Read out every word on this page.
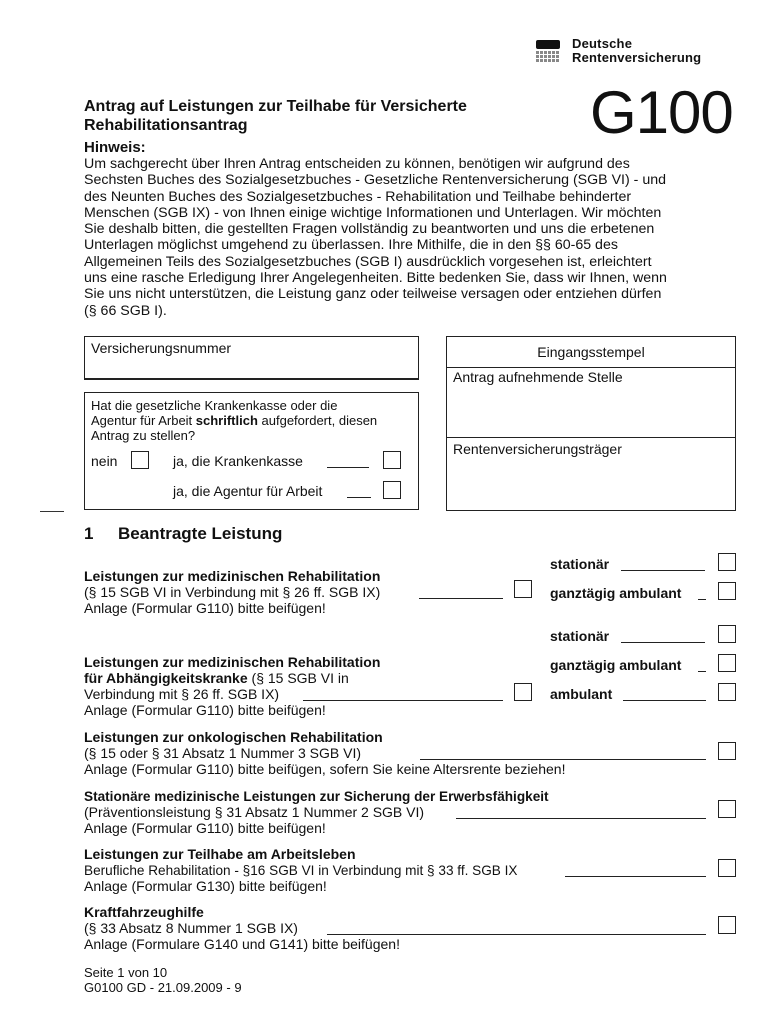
Deutsche
Rentenversicherung
Antrag auf Leistungen zur Teilhabe für Versicherte
Rehabilitationsantrag	G100
Hinweis:
Um sachgerecht über Ihren Antrag entscheiden zu können, benötigen wir aufgrund des
Sechsten Buches des Sozialgesetzbuches - Gesetzliche Rentenversicherung (SGB VI) - und
des Neunten Buches des Sozialgesetzbuches - Rehabilitation und Teilhabe behinderter
Menschen (SGB IX) - von Ihnen einige wichtige Informationen und Unterlagen. Wir möchten
Sie deshalb bitten, die gestellten Fragen vollständig zu beantworten und uns die erbetenen
Unterlagen möglichst umgehend zu überlassen. Ihre Mithilfe, die in den §§ 60-65 des
Allgemeinen Teils des Sozialgesetzbuches (SGB I) ausdrücklich vorgesehen ist, erleichtert
uns eine rasche Erledigung Ihrer Angelegenheiten. Bitte bedenken Sie, dass wir Ihnen, wenn
Sie uns nicht unterstützen, die Leistung ganz oder teilweise versagen oder entziehen dürfen
(§ 66 SGB I).
Versicherungsnummer
Hat die gesetzliche Krankenkasse oder die
Agentur für Arbeit schriftlich aufgefordert, diesen
Antrag zu stellen?
nein	ja, die Krankenkasse
ja, die Agentur für Arbeit
Eingangsstempel
Antrag aufnehmende Stelle
Rentenversicherungsträger
1 Beantragte Leistung
stationär
Leistungen zur medizinischen Rehabilitation
(§ 15 SGB VI in Verbindung mit § 26 ff. SGB IX)
Anlage (Formular G110) bitte beifügen!
ganztägig ambulant
stationär
Leistungen zur medizinischen Rehabilitation
für Abhängigkeitskranke (§ 15 SGB VI in
Verbindung mit § 26 ff. SGB IX)
Anlage (Formular G110) bitte beifügen!
ganztägig ambulant
ambulant
Leistungen zur onkologischen Rehabilitation
(§ 15 oder § 31 Absatz 1 Nummer 3 SGB VI)
Anlage (Formular G110) bitte beifügen, sofern Sie keine Altersrente beziehen!
Stationäre medizinische Leistungen zur Sicherung der Erwerbsfähigkeit
(Präventionsleistung § 31 Absatz 1 Nummer 2 SGB VI)
Anlage (Formular G110) bitte beifügen!
Leistungen zur Teilhabe am Arbeitsleben
Berufliche Rehabilitation - §16 SGB VI in Verbindung mit § 33 ff. SGB IX
Anlage (Formular G130) bitte beifügen!
Kraftfahrzeughilfe
(§ 33 Absatz 8 Nummer 1 SGB IX)
Anlage (Formulare G140 und G141) bitte beifügen!
Seite 1 von 10
G0100 GD - 21.09.2009 - 9
